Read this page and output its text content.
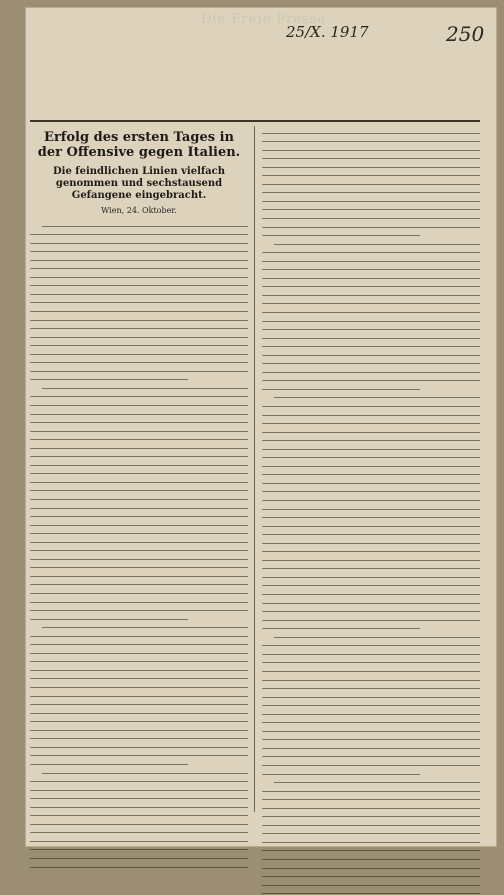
Die Freie Presse
25/X. 1917	250
Erfolg des ersten Tages in der Offensive gegen Italien.
Die feindlichen Linien vielfach genommen und sechstausend Gefangene eingebracht.
Wien, 24. Oktober.
